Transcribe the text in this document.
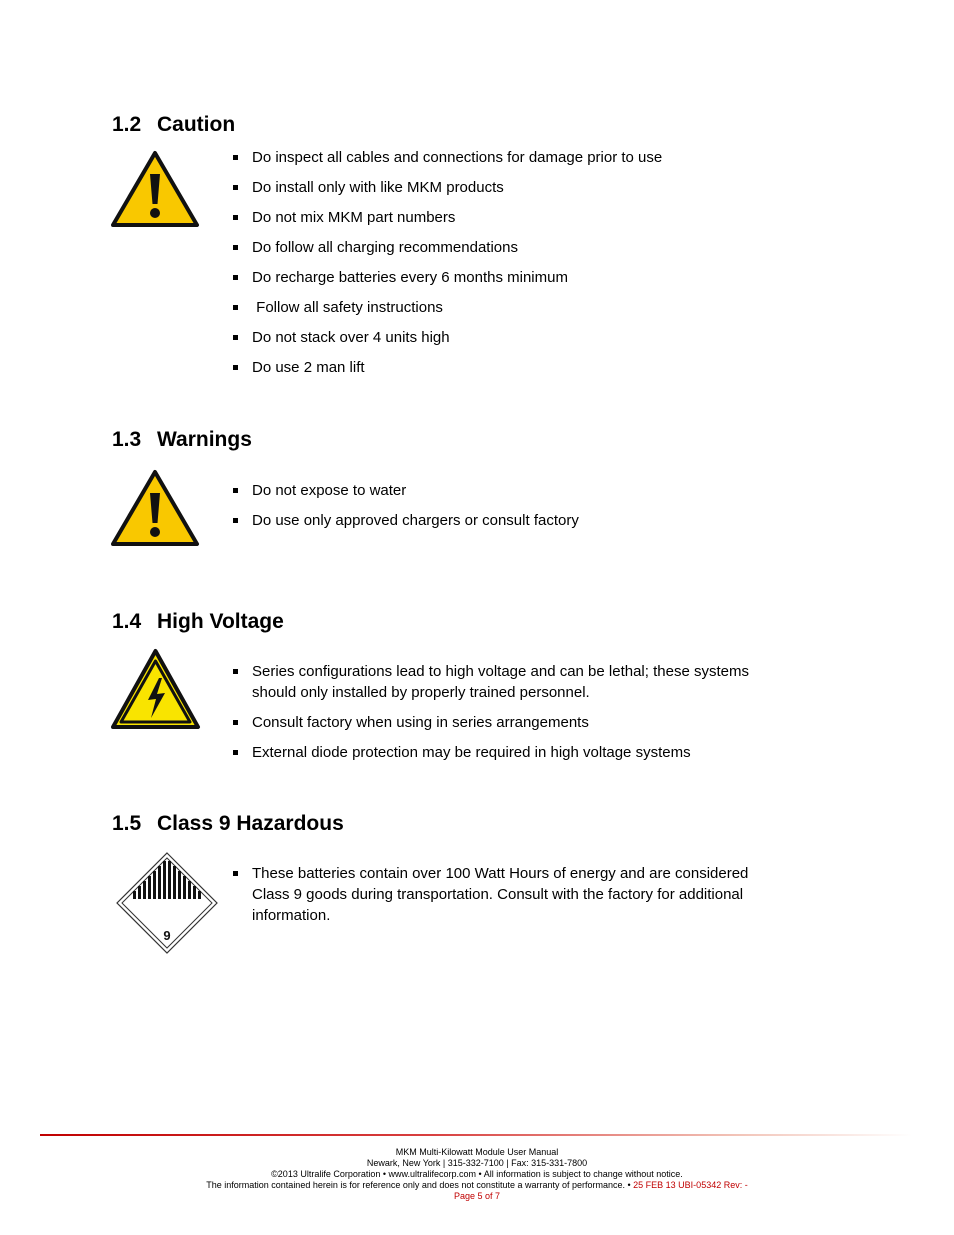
1.2 Caution
Do inspect all cables and connections for damage prior to use
Do install only with like MKM products
Do not mix MKM part numbers
Do follow all charging recommendations
Do recharge batteries every 6 months minimum
Follow all safety instructions
Do not stack over 4 units high
Do use 2 man lift
1.3 Warnings
Do not expose to water
Do use only approved chargers or consult factory
1.4 High Voltage
Series configurations lead to high voltage and can be lethal; these systems should only installed by properly trained personnel.
Consult factory when using in series arrangements
External diode protection may be required in high voltage systems
1.5 Class 9 Hazardous
9
These batteries contain over 100 Watt Hours of energy and are considered Class 9 goods during transportation. Consult with the factory for additional information.
MKM Multi-Kilowatt Module User Manual
Newark, New York | 315-332-7100 | Fax: 315-331-7800
©2013 Ultralife Corporation • www.ultralifecorp.com • All information is subject to change without notice.
The information contained herein is for reference only and does not constitute a warranty of performance. • 25 FEB 13 UBI-05342 Rev: -
Page 5 of 7
